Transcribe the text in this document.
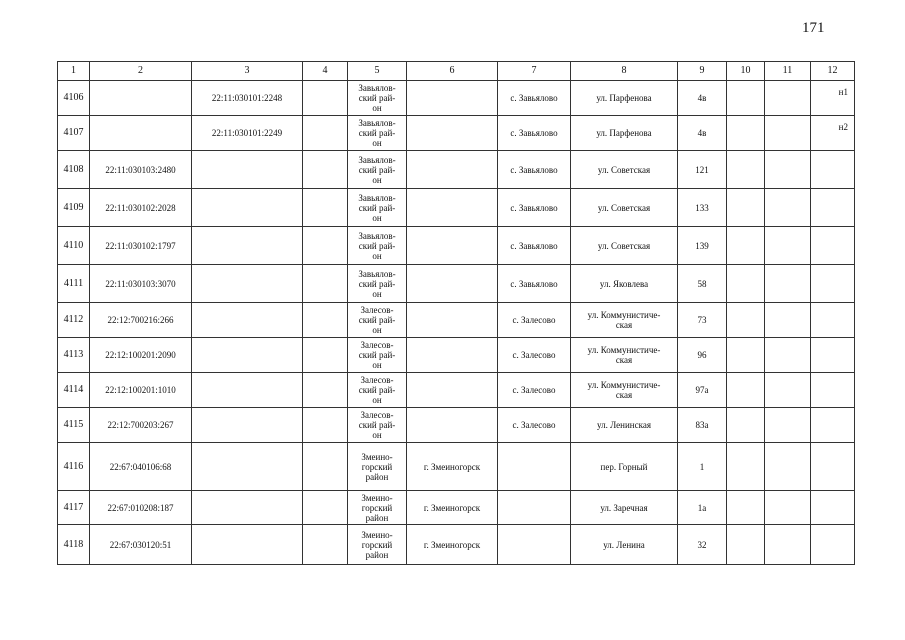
171
1	2	3	4	5	6	7	8	9	10	11	12
4106		22:11:030101:2248		Завьялов-
ский рай-
он		с. Завьялово	ул. Парфенова	4в			н1
4107		22:11:030101:2249		Завьялов-
ский рай-
он		с. Завьялово	ул. Парфенова	4в			н2
4108	22:11:030103:2480			Завьялов-
ский рай-
он		с. Завьялово	ул. Советская	121			
4109	22:11:030102:2028			Завьялов-
ский рай-
он		с. Завьялово	ул. Советская	133			
4110	22:11:030102:1797			Завьялов-
ский рай-
он		с. Завьялово	ул. Советская	139			
4111	22:11:030103:3070			Завьялов-
ский рай-
он		с. Завьялово	ул. Яковлева	58			
4112	22:12:700216:266			Залесов-
ский рай-
он		с. Залесово	ул. Коммунистиче-
ская	73			
4113	22:12:100201:2090			Залесов-
ский рай-
он		с. Залесово	ул. Коммунистиче-
ская	96			
4114	22:12:100201:1010			Залесов-
ский рай-
он		с. Залесово	ул. Коммунистиче-
ская	97а			
4115	22:12:700203:267			Залесов-
ский рай-
он		с. Залесово	ул. Ленинская	83а			
4116	22:67:040106:68			Змеино-
горский
район	г. Змеиногорск		пер. Горный	1			
4117	22:67:010208:187			Змеино-
горский
район	г. Змеиногорск		ул. Заречная	1а			
4118	22:67:030120:51			Змеино-
горский
район	г. Змеиногорск		ул. Ленина	32			
